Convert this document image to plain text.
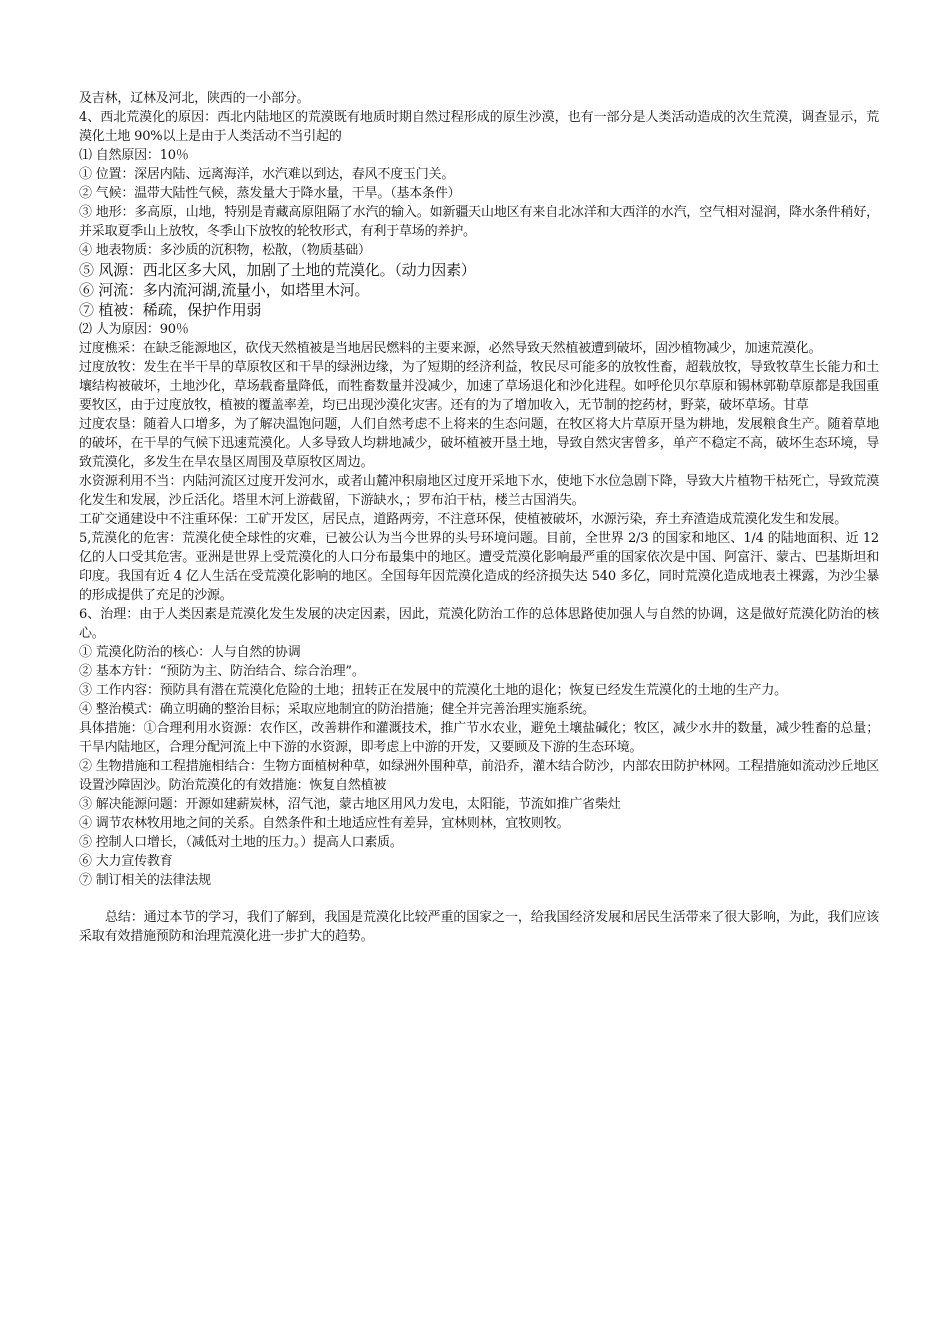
及吉林，辽林及河北，陕西的一小部分。
4、西北荒漠化的原因：西北内陆地区的荒漠既有地质时期自然过程形成的原生沙漠，也有一部分是人类活动造成的次生荒漠，调查显示，荒漠化土地 90%以上是由于人类活动不当引起的
⑴ 自然原因：10％
① 位置：深居内陆、远离海洋，水汽难以到达，春风不度玉门关。
② 气候：温带大陆性气候，蒸发量大于降水量，干旱。（基本条件）
③ 地形：多高原，山地，特别是青藏高原阻隔了水汽的输入。如新疆天山地区有来自北冰洋和大西洋的水汽，空气相对湿润，降水条件稍好，并采取夏季山上放牧，冬季山下放牧的轮牧形式，有利于草场的养护。
④ 地表物质：多沙质的沉积物，松散，（物质基础）
⑤ 风源：西北区多大风，加剧了土地的荒漠化。（动力因素）
⑥ 河流：多内流河湖,流量小，如塔里木河。
⑦ 植被：稀疏，保护作用弱
⑵ 人为原因：90％
过度樵采：在缺乏能源地区，砍伐天然植被是当地居民燃料的主要来源，必然导致天然植被遭到破坏，固沙植物减少，加速荒漠化。
过度放牧：发生在半干旱的草原牧区和干旱的绿洲边缘，为了短期的经济利益，牧民尽可能多的放牧性畜，超载放牧，导致牧草生长能力和土壤结构被破坏，土地沙化，草场载畜量降低，而牲畜数量并没减少，加速了草场退化和沙化进程。如呼伦贝尔草原和锡林郭勒草原都是我国重要牧区，由于过度放牧，植被的覆盖率差，均已出现沙漠化灾害。还有的为了增加收入，无节制的挖药材，野菜，破坏草场。甘草
过度农垦：随着人口增多，为了解决温饱问题，人们自然考虑不上将来的生态问题，在牧区将大片草原开垦为耕地，发展粮食生产。随着草地的破坏，在干旱的气候下迅速荒漠化。人多导致人均耕地减少，破坏植被开垦土地，导致自然灾害曾多，单产不稳定不高，破坏生态环境，导致荒漠化，多发生在旱农垦区周围及草原牧区周边。
水资源利用不当：内陆河流区过度开发河水，或者山麓冲积扇地区过度开采地下水，使地下水位急剧下降，导致大片植物干枯死亡，导致荒漠化发生和发展，沙丘活化。塔里木河上游截留，下游缺水，；罗布泊干枯，楼兰古国消失。
工矿交通建设中不注重环保：工矿开发区，居民点，道路两旁，不注意环保，使植被破坏，水源污染，弃土弃渣造成荒漠化发生和发展。
5,荒漠化的危害：荒漠化使全球性的灾难，已被公认为当今世界的头号环境问题。目前，全世界 2/3 的国家和地区、1/4 的陆地面积、近 12 亿的人口受其危害。亚洲是世界上受荒漠化的人口分布最集中的地区。遭受荒漠化影响最严重的国家依次是中国、阿富汗、蒙古、巴基斯坦和印度。我国有近 4 亿人生活在受荒漠化影响的地区。全国每年因荒漠化造成的经济损失达 540 多亿，同时荒漠化造成地表土裸露，为沙尘暴的形成提供了充足的沙源。
6、治理：由于人类因素是荒漠化发生发展的决定因素，因此，荒漠化防治工作的总体思路使加强人与自然的协调，这是做好荒漠化防治的核心。
① 荒漠化防治的核心：人与自然的协调
② 基本方针：“预防为主、防治结合、综合治理”。
③ 工作内容：预防具有潜在荒漠化危险的土地；扭转正在发展中的荒漠化土地的退化；恢复已经发生荒漠化的土地的生产力。
④ 整治模式：确立明确的整治目标；采取应地制宜的防治措施；健全并完善治理实施系统。
具体措施：①合理利用水资源：农作区，改善耕作和灌溉技术，推广节水农业，避免土壤盐碱化；牧区，减少水井的数量，减少牲畜的总量；干旱内陆地区，合理分配河流上中下游的水资源，即考虑上中游的开发，又要顾及下游的生态环境。
② 生物措施和工程措施相结合：生物方面植树种草，如绿洲外围种草，前沿乔，灌木结合防沙，内部农田防护林网。工程措施如流动沙丘地区设置沙障固沙。防治荒漠化的有效措施：恢复自然植被
③ 解决能源问题：开源如建薪炭林，沼气池，蒙古地区用风力发电，太阳能，节流如推广省柴灶
④ 调节农林牧用地之间的关系。自然条件和土地适应性有差异，宜林则林，宜牧则牧。
⑤ 控制人口增长，（减低对土地的压力。）提高人口素质。
⑥ 大力宣传教育
⑦ 制订相关的法律法规
总结：通过本节的学习，我们了解到，我国是荒漠化比较严重的国家之一，给我国经济发展和居民生活带来了很大影响，为此，我们应该采取有效措施预防和治理荒漠化进一步扩大的趋势。
